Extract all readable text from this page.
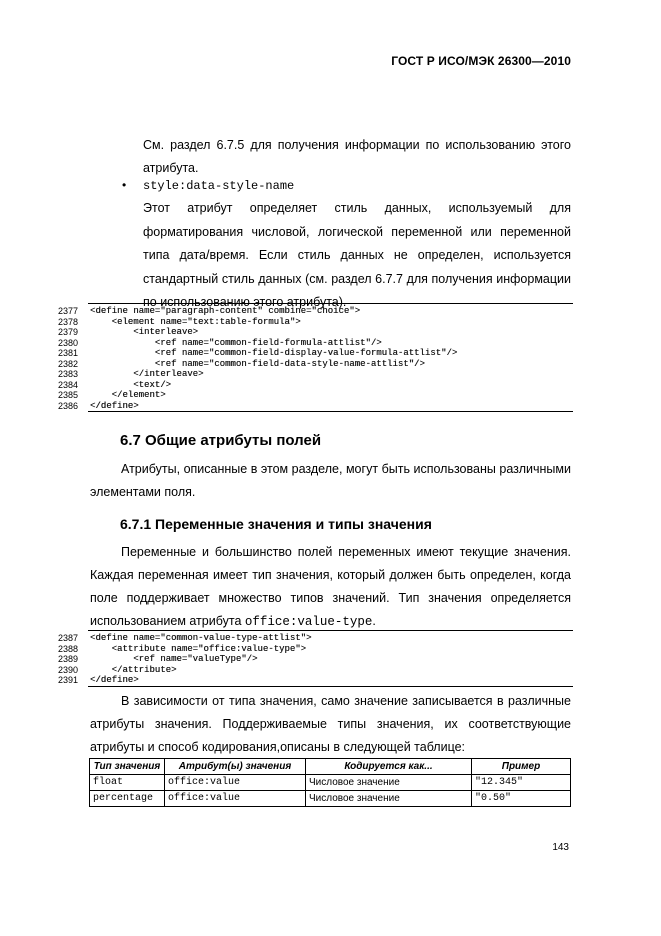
ГОСТ Р ИСО/МЭК 26300—2010
См. раздел 6.7.5 для получения информации по использованию этого атрибута.
• style:data-style-name
Этот атрибут определяет стиль данных, используемый для форматирования числовой, логической переменной или переменной типа дата/время. Если стиль данных не определен, используется стандартный стиль данных (см. раздел 6.7.7 для получения информации по использованию этого атрибута).
2377
2378
2379
2380
2381
2382
2383
2384
2385
2386
<define name="paragraph-content" combine="choice">
<element name="text:table-formula">
<interleave>
<ref name="common-field-formula-attlist"/>
<ref name="common-field-display-value-formula-attlist"/>
<ref name="common-field-data-style-name-attlist"/>
</interleave>
<text/>
</element>
</define>
6.7 Общие атрибуты полей
Атрибуты, описанные в этом разделе, могут быть использованы различными элементами поля.
6.7.1 Переменные значения и типы значения
Переменные и большинство полей переменных имеют текущие значения. Каждая переменная имеет тип значения, который должен быть определен, когда поле поддерживает множество типов значений. Тип значения определяется использованием атрибута office:value-type.
2387
2388
2389
2390
2391
<define name="common-value-type-attlist">
<attribute name="office:value-type">
<ref name="valueType"/>
</attribute>
</define>
В зависимости от типа значения, само значение записывается в различные атрибуты значения. Поддерживаемые типы значения, их соответствующие атрибуты и способ кодирования,описаны в следующей таблице:
Тип значения	Атрибут(ы) значения	Кодируется как...	Пример
float	office:value	Числовое значение	"12.345"
percentage	office:value	Числовое значение	"0.50"
143
